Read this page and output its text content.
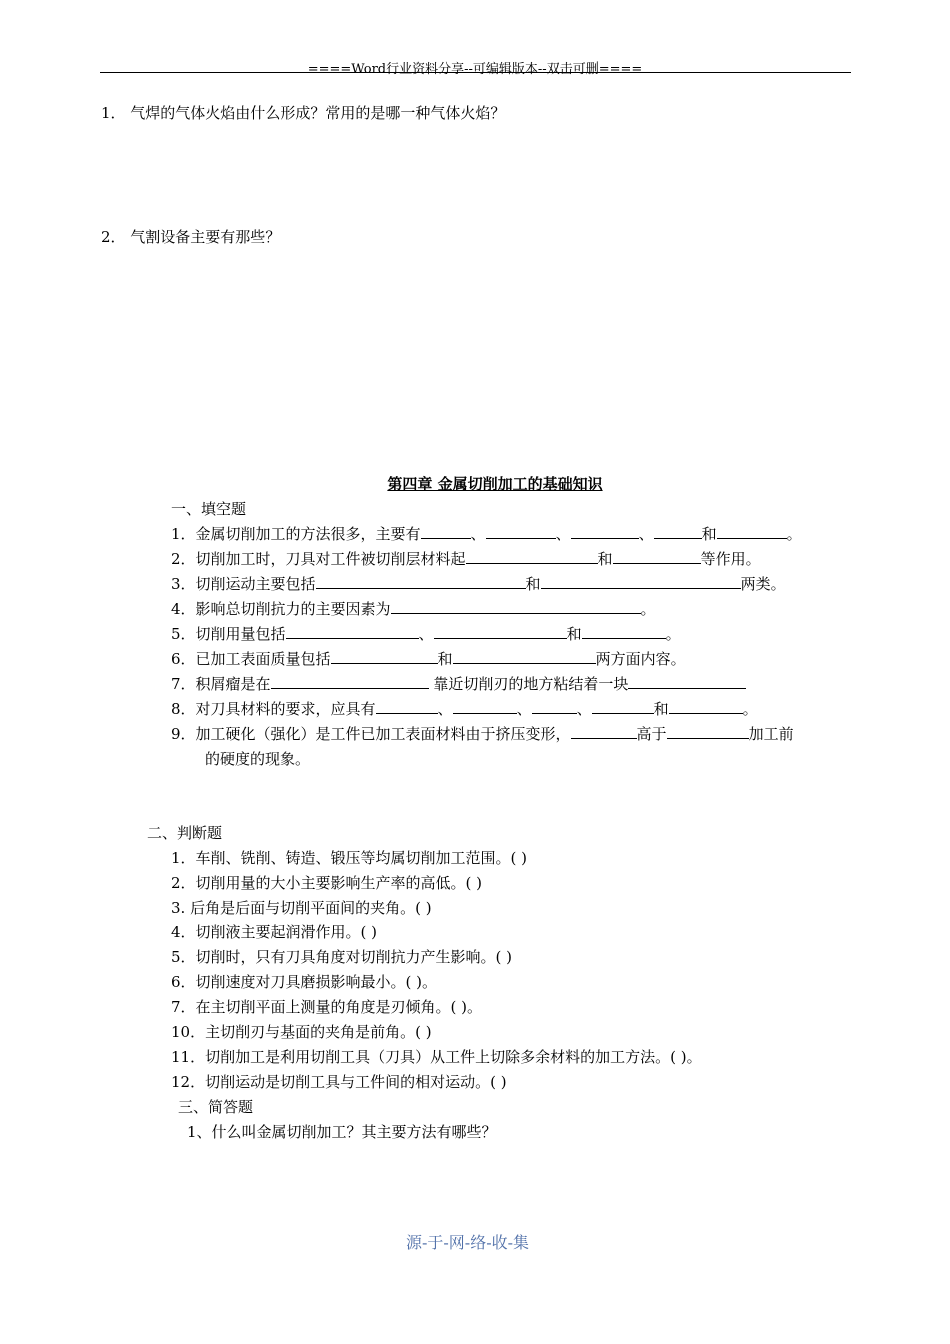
====Word行业资料分享--可编辑版本--双击可删====
1． 气焊的气体火焰由什么形成？常用的是哪一种气体火焰？
2． 气割设备主要有那些？
第四章 金属切削加工的基础知识
一、填空题
1．金属切削加工的方法很多，主要有	、	、	、	和	。
2．切削加工时，刀具对工件被切削层材料起	和	等作用。
3．切削运动主要包括	和	两类。
4．影响总切削抗力的主要因素为	。
5．切削用量包括	、	和	。
6．已加工表面质量包括	和	两方面内容。
7．积屑瘤是在	靠近切削刃的地方粘结着一块
8．对刀具材料的要求，应具有	、	、	、	和	。
9．加工硬化（强化）是工件已加工表面材料由于挤压变形，	高于	加工前
的硬度的现象。
二、判断题
1．车削、铣削、铸造、锻压等均属切削加工范围。( )
2．切削用量的大小主要影响生产率的高低。( )
3. 后角是后面与切削平面间的夹角。( )
4．切削液主要起润滑作用。( )
5．切削时，只有刀具角度对切削抗力产生影响。( )
6．切削速度对刀具磨损影响最小。( )。
7．在主切削平面上测量的角度是刃倾角。( )。
10．主切削刃与基面的夹角是前角。( )
11．切削加工是利用切削工具（刀具）从工件上切除多余材料的加工方法。( )。
12．切削运动是切削工具与工件间的相对运动。( )
三、简答题
1、什么叫金属切削加工？其主要方法有哪些？
源-于-网-络-收-集
